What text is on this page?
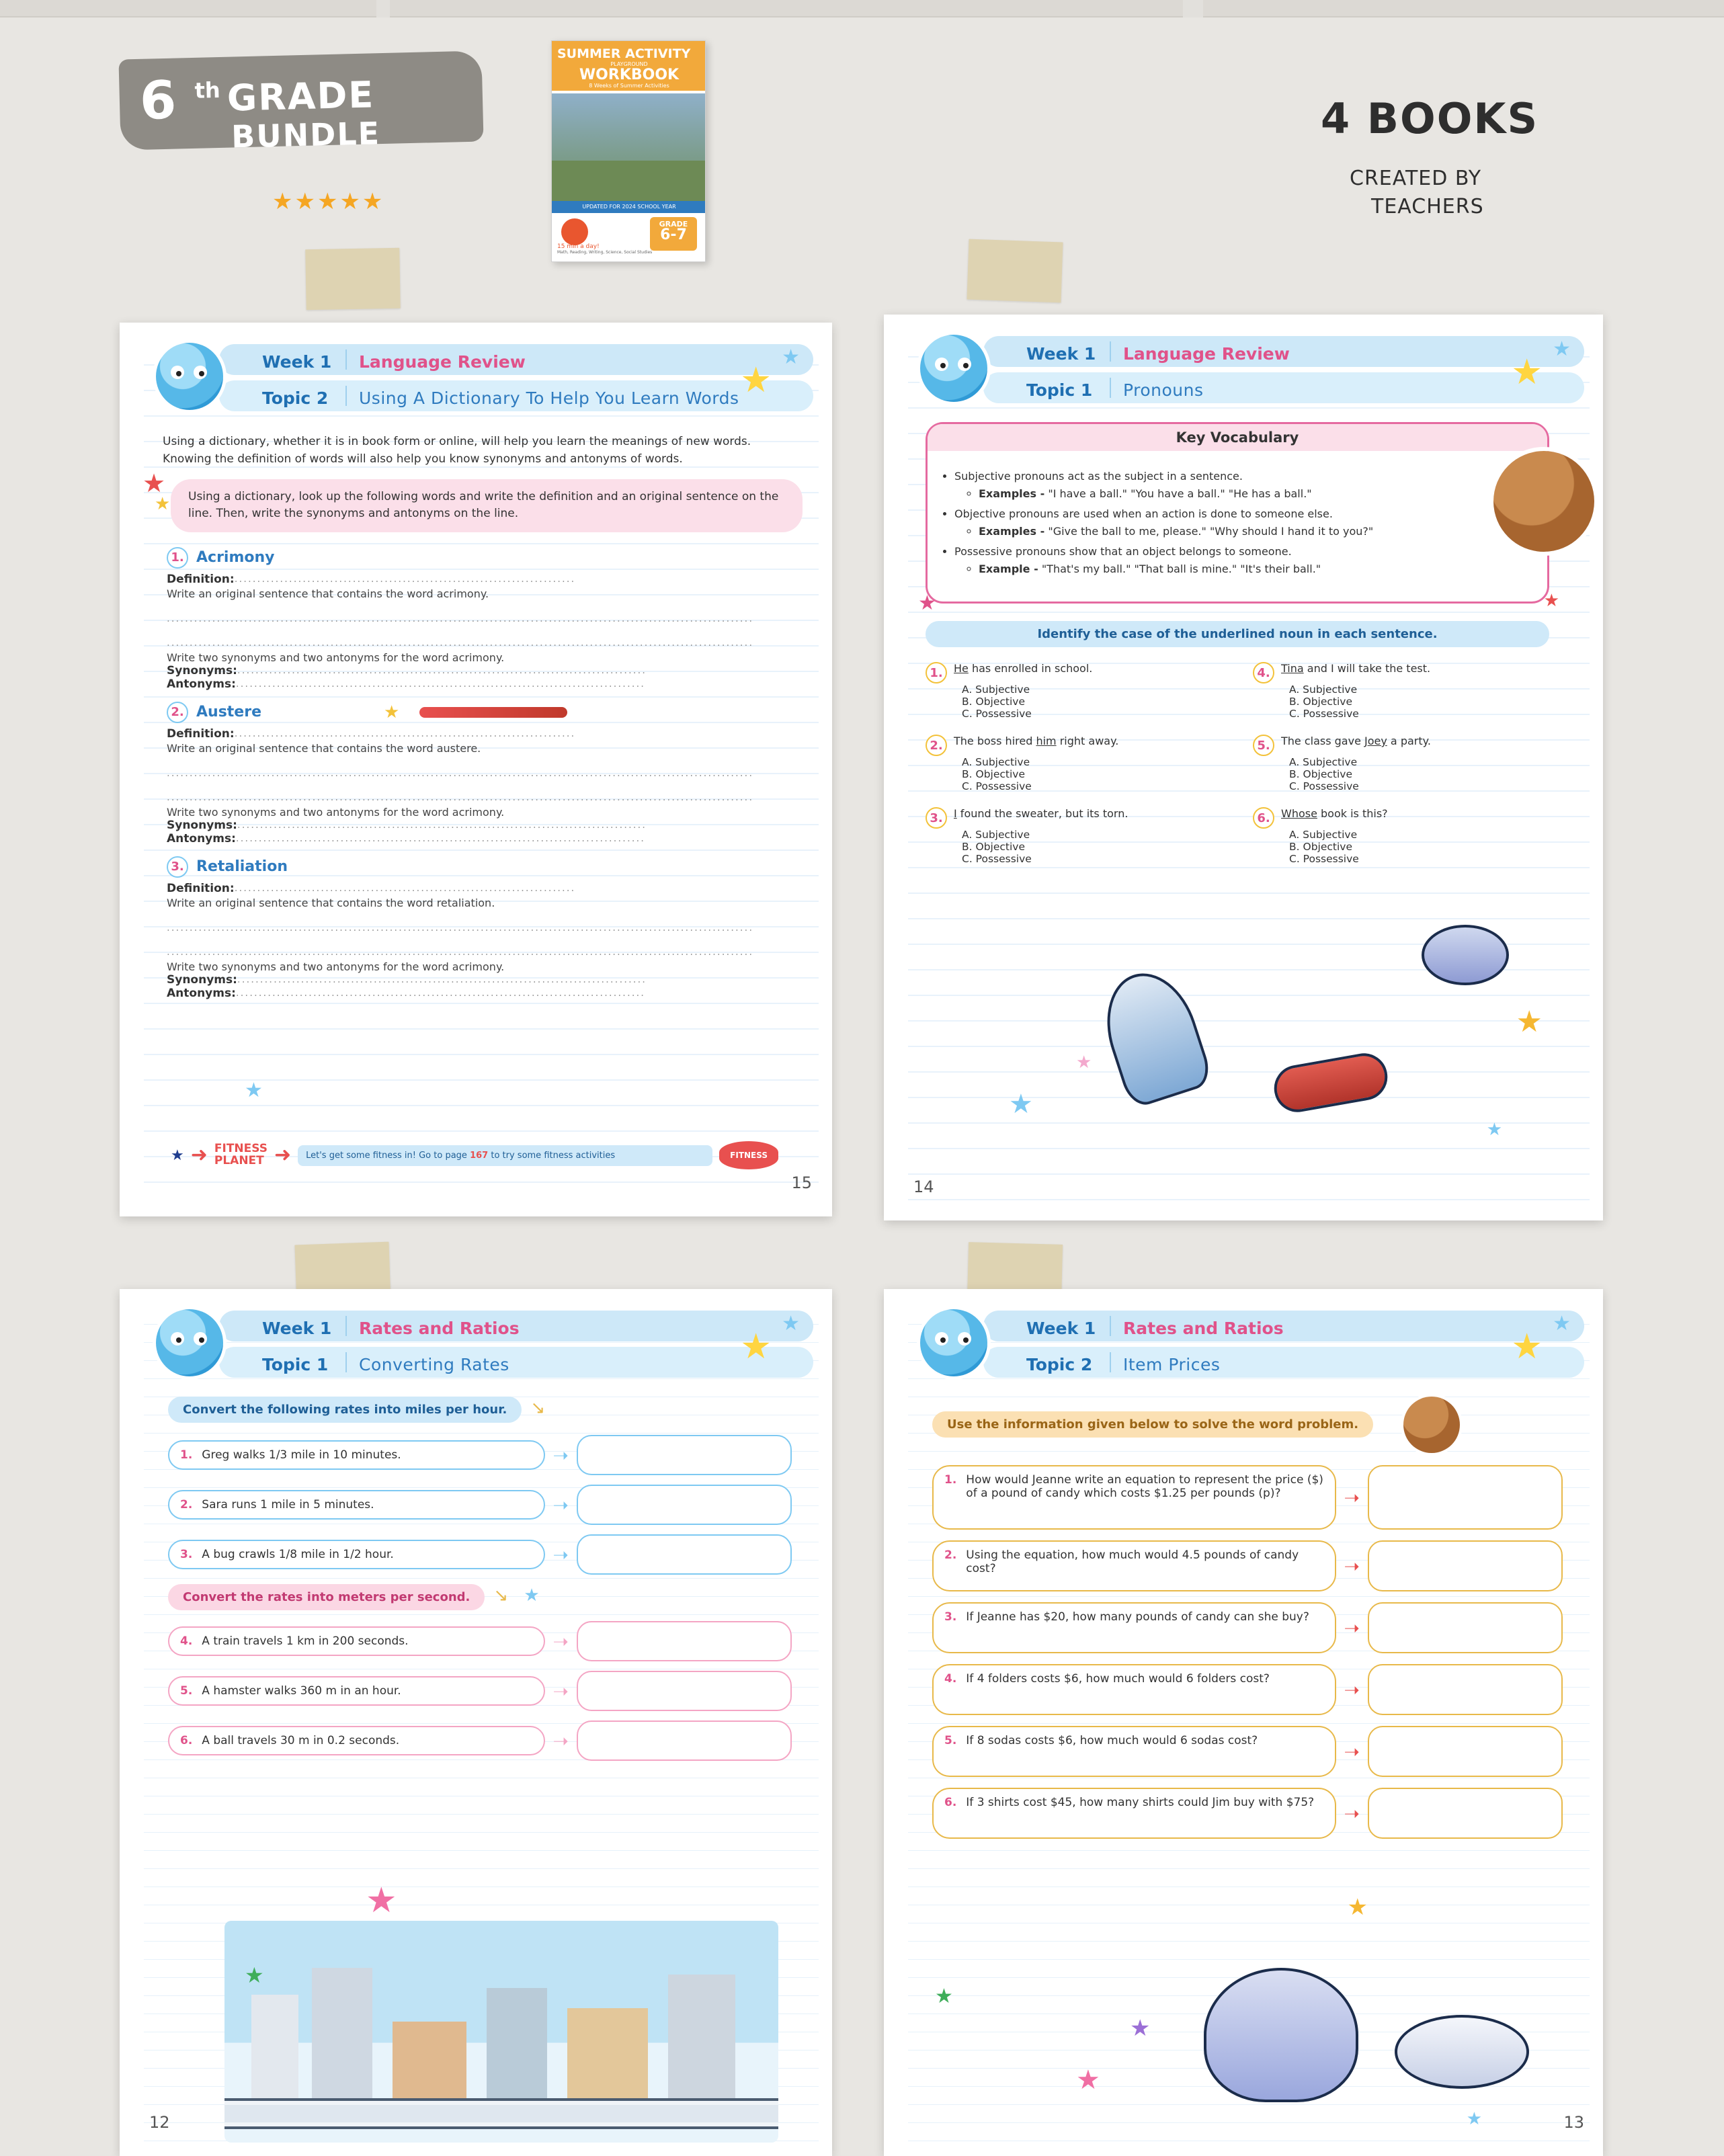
6 th GRADE
BUNDLE
★★★★★
SUMMER ACTIVITY
PLAYGROUND
WORKBOOK
8 Weeks of Summer Activities
UPDATED FOR 2024 SCHOOL YEAR
GRADE
6-7
15 min a day!
Math, Reading, Writing, Science, Social Studies
4 BOOKS
CREATED BY
TEACHERS
Week 1 Language Review
Topic 2 Using A Dictionary To Help You Learn Words ★
★
Using a dictionary, whether it is in book form or online, will help you learn the meanings of new words. Knowing the definition of words will also help you know synonyms and antonyms of words.
★
★	Using a dictionary, look up the following words and write the definition and an original sentence on the line. Then, write the synonyms and antonyms on the line.
1. Acrimony
Definition: ...........................................................................
Write an original sentence that contains the word acrimony.
.................................................................................................................................
.................................................................................................................................
Write two synonyms and two antonyms for the word acrimony.
Synonyms: ..........................................................................................
Antonyms: ..........................................................................................
2. Austere	★
Definition: ...........................................................................
Write an original sentence that contains the word austere.
.................................................................................................................................
.................................................................................................................................
Write two synonyms and two antonyms for the word acrimony.
Synonyms: ..........................................................................................
Antonyms: ..........................................................................................
3. Retaliation
Definition: ...........................................................................
Write an original sentence that contains the word retaliation.
.................................................................................................................................
.................................................................................................................................
Write two synonyms and two antonyms for the word acrimony.
Synonyms: ..........................................................................................
Antonyms: ..........................................................................................
★
★ ➜ FITNESS
PLANET ➜	Let's get some fitness in! Go to page 167 to try some fitness activities	FITNESS
15
Week 1 Language Review
Topic 1 Pronouns	★
★
Key Vocabulary
• Subjective pronouns act as the subject in a sentence.
◦ Examples - "I have a ball." "You have a ball." "He has a ball."
• Objective pronouns are used when an action is done to someone else.
◦ Examples - "Give the ball to me, please." "Why should I hand it to you?"
• Possessive pronouns show that an object belongs to someone.
◦ Example - "That's my ball." "That ball is mine." "It's their ball."
★
★
Identify the case of the underlined noun in each sentence.
1.	He has enrolled in school.
A. Subjective
B. Objective
C. Possessive
2.	The boss hired him right away.
A. Subjective
B. Objective
C. Possessive
3.	I found the sweater, but its torn.
A. Subjective
B. Objective
C. Possessive
4.	Tina and I will take the test.
A. Subjective
B. Objective
C. Possessive
5.	The class gave Joey a party.
A. Subjective
B. Objective
C. Possessive
6.	Whose book is this?
A. Subjective
B. Objective
C. Possessive
★
★
★
★
14
Week 1 Rates and Ratios
Topic 1 Converting Rates	★
★
Convert the following rates into miles per hour. ↘
1. Greg walks 1/3 mile in 10 minutes.	➝
2. Sara runs 1 mile in 5 minutes.	➝
3. A bug crawls 1/8 mile in 1/2 hour.	➝
Convert the rates into meters per second. ↘ ★
4. A train travels 1 km in 200 seconds.	➝
5. A hamster walks 360 m in an hour.	➝
6. A ball travels 30 m in 0.2 seconds.	➝
★
★
12
Week 1 Rates and Ratios
Topic 2 Item Prices	★
★
Use the information given below to solve the word problem.
1. How would Jeanne write an equation to represent the price ($) of a pound of candy which costs $1.25 per pounds (p)?	➝
2. Using the equation, how much would 4.5 pounds of candy cost?	➝
3. If Jeanne has $20, how many pounds of candy can she buy? ➝
4. If 4 folders costs $6, how much would 6 folders cost?	➝
5. If 8 sodas costs $6, how much would 6 sodas cost?	➝
6. If 3 shirts cost $45, how many shirts could Jim buy with $75? ➝
★
★
★
★
★	13
